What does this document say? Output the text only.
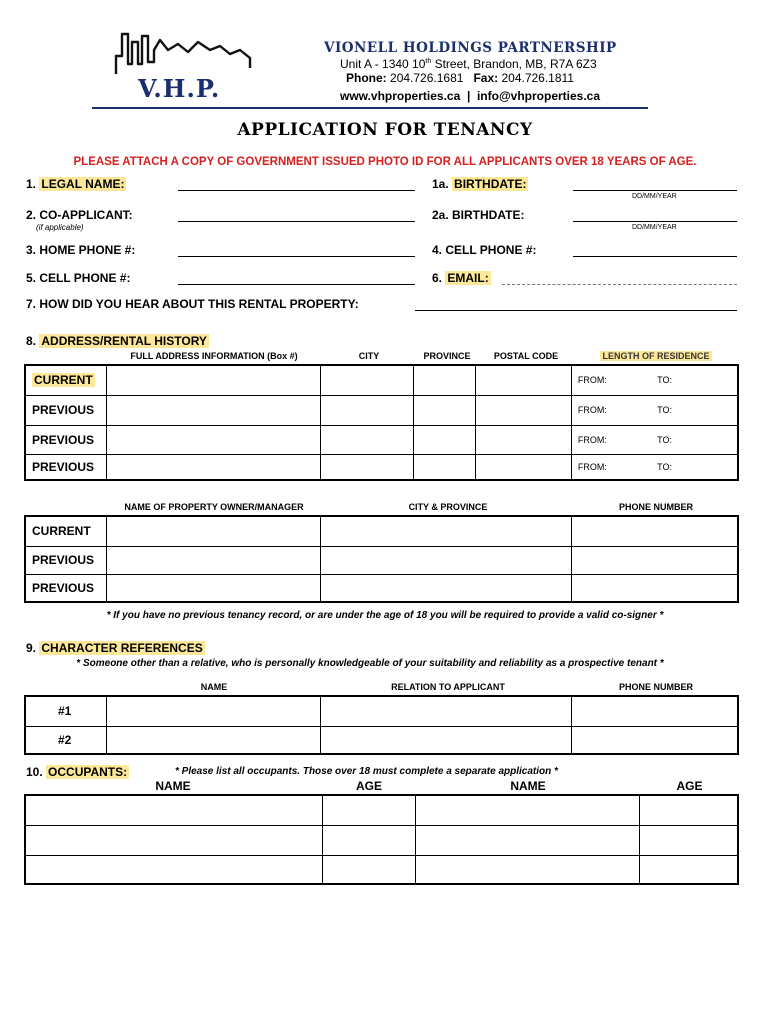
V.H.P.
VIONELL HOLDINGS PARTNERSHIP
Unit A - 1340 10th Street, Brandon, MB, R7A 6Z3
Phone: 204.726.1681 Fax: 204.726.1811
www.vhproperties.ca | info@vhproperties.ca
APPLICATION FOR TENANCY
PLEASE ATTACH A COPY OF GOVERNMENT ISSUED PHOTO ID FOR ALL APPLICANTS OVER 18 YEARS OF AGE.
1. LEGAL NAME:	1a. BIRTHDATE:
DD/MM/YEAR
2. CO-APPLICANT:
(if applicable)
2a. BIRTHDATE:
DD/MM/YEAR
3. HOME PHONE #:	4. CELL PHONE #:
5. CELL PHONE #:	6. EMAIL:
7. HOW DID YOU HEAR ABOUT THIS RENTAL PROPERTY:
8. ADDRESS/RENTAL HISTORY
FULL ADDRESS INFORMATION (Box #)	CITY	PROVINCE	POSTAL CODE	LENGTH OF RESIDENCE
CURRENT					FROM:	TO:
PREVIOUS					FROM:	TO:
PREVIOUS					FROM:	TO:
PREVIOUS					FROM:	TO:
NAME OF PROPERTY OWNER/MANAGER	CITY & PROVINCE	PHONE NUMBER
CURRENT			
PREVIOUS			
PREVIOUS			
* If you have no previous tenancy record, or are under the age of 18 you will be required to provide a valid co-signer *
9. CHARACTER REFERENCES
* Someone other than a relative, who is personally knowledgeable of your suitability and reliability as a prospective tenant *
NAME	RELATION TO APPLICANT	PHONE NUMBER
#1			
#2			
10. OCCUPANTS:	* Please list all occupants. Those over 18 must complete a separate application *
NAME	AGE	NAME	AGE
